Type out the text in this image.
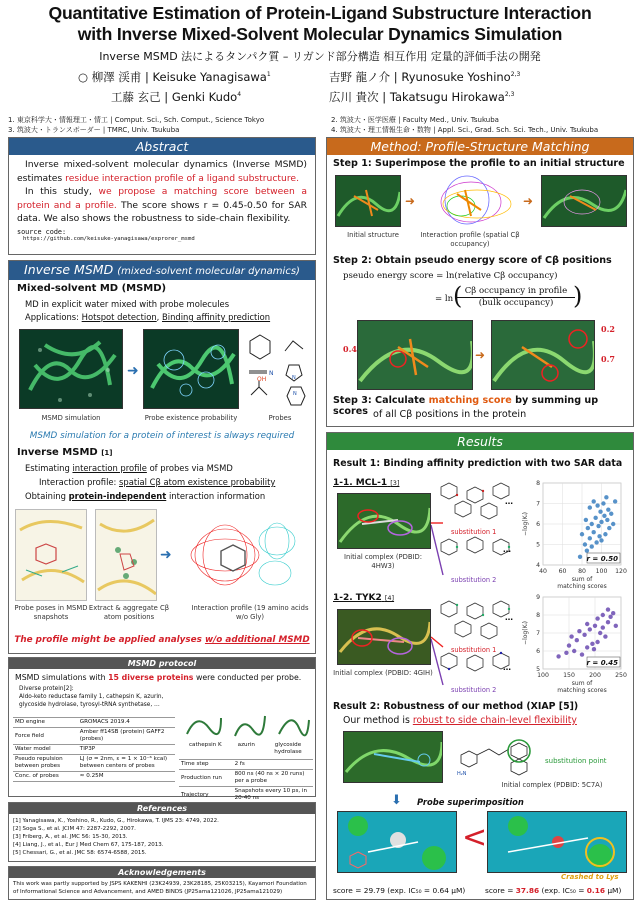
Quantitative Estimation of Protein-Ligand Substructure Interaction
with Inverse Mixed-Solvent Molecular Dynamics Simulation
Inverse MSMD 法によるタンパク質 – リガンド部分構造 相互作用 定量的評価手法の開発
○ 柳澤 渓甫 | Keisuke Yanagisawa$^1$	吉野 龍ノ介 | Ryunosuke Yoshino$^{2,3}$
工藤 玄己 | Genki Kudo$^4$	広川 貴次 | Takatsugu Hirokawa$^{2,3}$
1. 東京科学大・情報理工・情工 | Comput. Sci., Sch. Comput., Science Tokyo
3. 筑波大・トランスボーダー | TMRC, Univ. Tsukuba
2. 筑波大・医学医療 | Faculty Med., Univ. Tsukuba
4. 筑波大・理工情報生命・数物 | Appl. Sci., Grad. Sch. Sci. Tech., Univ. Tsukuba
Abstract
Inverse mixed-solvent molecular dynamics (Inverse MSMD) estimates residue interaction profile of a ligand substructure.
In this study, we propose a matching score between a protein and a profile. The score shows r = 0.45-0.50 for SAR data. We also shows the robustness to side-chain flexibility.
source code:
https://github.com/keisuke-yanagisawa/exprorer_msmd
Inverse MSMD (mixed-solvent molecular dynamics)
Mixed-solvent MD (MSMD)
MD in explicit water mixed with probe molecules
Applications: Hotspot detection, Binding affinity prediction
➜	N
OH	N
N
MSMD simulation	Probe existence probability	Probes
MSMD simulation for a protein of interest is always required
Inverse MSMD [1]
Estimating interaction profile of probes via MSMD
Interaction profile: spatial Cβ atom existence probability
Obtaining protein-independent interaction information
➜
Probe poses in MSMD snapshots
Extract & aggregate Cβ atom positions
Interaction profile (19 amino acids w/o Gly)
The profile might be applied analyses w/o additional MSMD
MSMD protocol
MSMD simulations with 15 diverse proteins were conducted per probe.
Diverse protein[2]:
Aldo-keto reductase family 1, cathepsin K, azurin, glycoside hydrolase, tyrosyl-tRNA synthetase, …
MD engine	GROMACS 2019.4
Force field	Amber ff14SB (protein) GAFF2 (probes)
Water model	TIP3P
Pseudo repulsion between probes	LJ (σ = 2nm, ε = 1 × 10⁻⁶ kcal) between centers of probes
Conc. of probes	≈ 0.25M
cathepsin K	azurin	glycoside hydrolase
Time step	2 fs
Production run	800 ns (40 ns × 20 runs) per a probe
Trajectory	Snapshots every 10 ps, in 20-40 ns
References
[1] Yanagisawa, K., Yoshino, R., Kudo, G., Hirokawa, T. IJMS 23: 4749, 2022.
[2] Soga S., et al. JCIM 47: 2287-2292, 2007.
[3] Friberg, A., et al. JMC 56: 15-30, 2013.
[4] Liang, J., et al., Eur J Med Chem 67, 175-187, 2013.
[5] Chessari, G., et al. JMC 58: 6574-6588, 2015.
Acknowledgements
This work was partly supported by JSPS KAKENHI (23K24939, 23K28185, 25K03215), Kayamori Foundation of Informational Science and Advancement, and AMED BINDS (JP25ama121026, JP25ama121029)
Method: Profile-Structure Matching
Step 1: Superimpose the profile to an initial structure
➜	➜
Initial structure	Interaction profile (spatial Cβ occupancy)
Step 2: Obtain pseudo energy score of Cβ positions
pseudo energy score = ln(relative Cβ occupancy)
= ln
Cβ occupancy in profile
(bulk occupancy)
(	)
0.4	➜
0.2
0.7
Step 3: Calculate matching score by summing up scores of all Cβ positions in the protein
Results
Result 1: Binding affinity prediction with two SAR data
1-1. MCL-1 [3]
Initial complex (PDBID: 4HW3)
substitution 1
substitution 2
…
…
40 60 80 100 120
4
5
6
7
8
r = 0.50
−log(Kᵢ)
sum of
matching scores
1-2. TYK2 [4]
Initial complex (PDBID: 4GIH)
substitution 1
substitution 2
…
…
100 150 200 250
5
6
7
8
9
r = 0.45
−log(Kᵢ)
sum of
matching scores
Result 2: Robustness of our method (XIAP [5])
Our method is robust to side chain-level flexibility
H₂N
substitution point
Initial complex (PDBID: 5C7A)
⬇ Probe superimposition
<
Crashed to Lys
score = 29.79 (exp. IC₅₀ = 0.64 μM)	score = 37.86 (exp. IC₅₀ = 0.16 μM)
